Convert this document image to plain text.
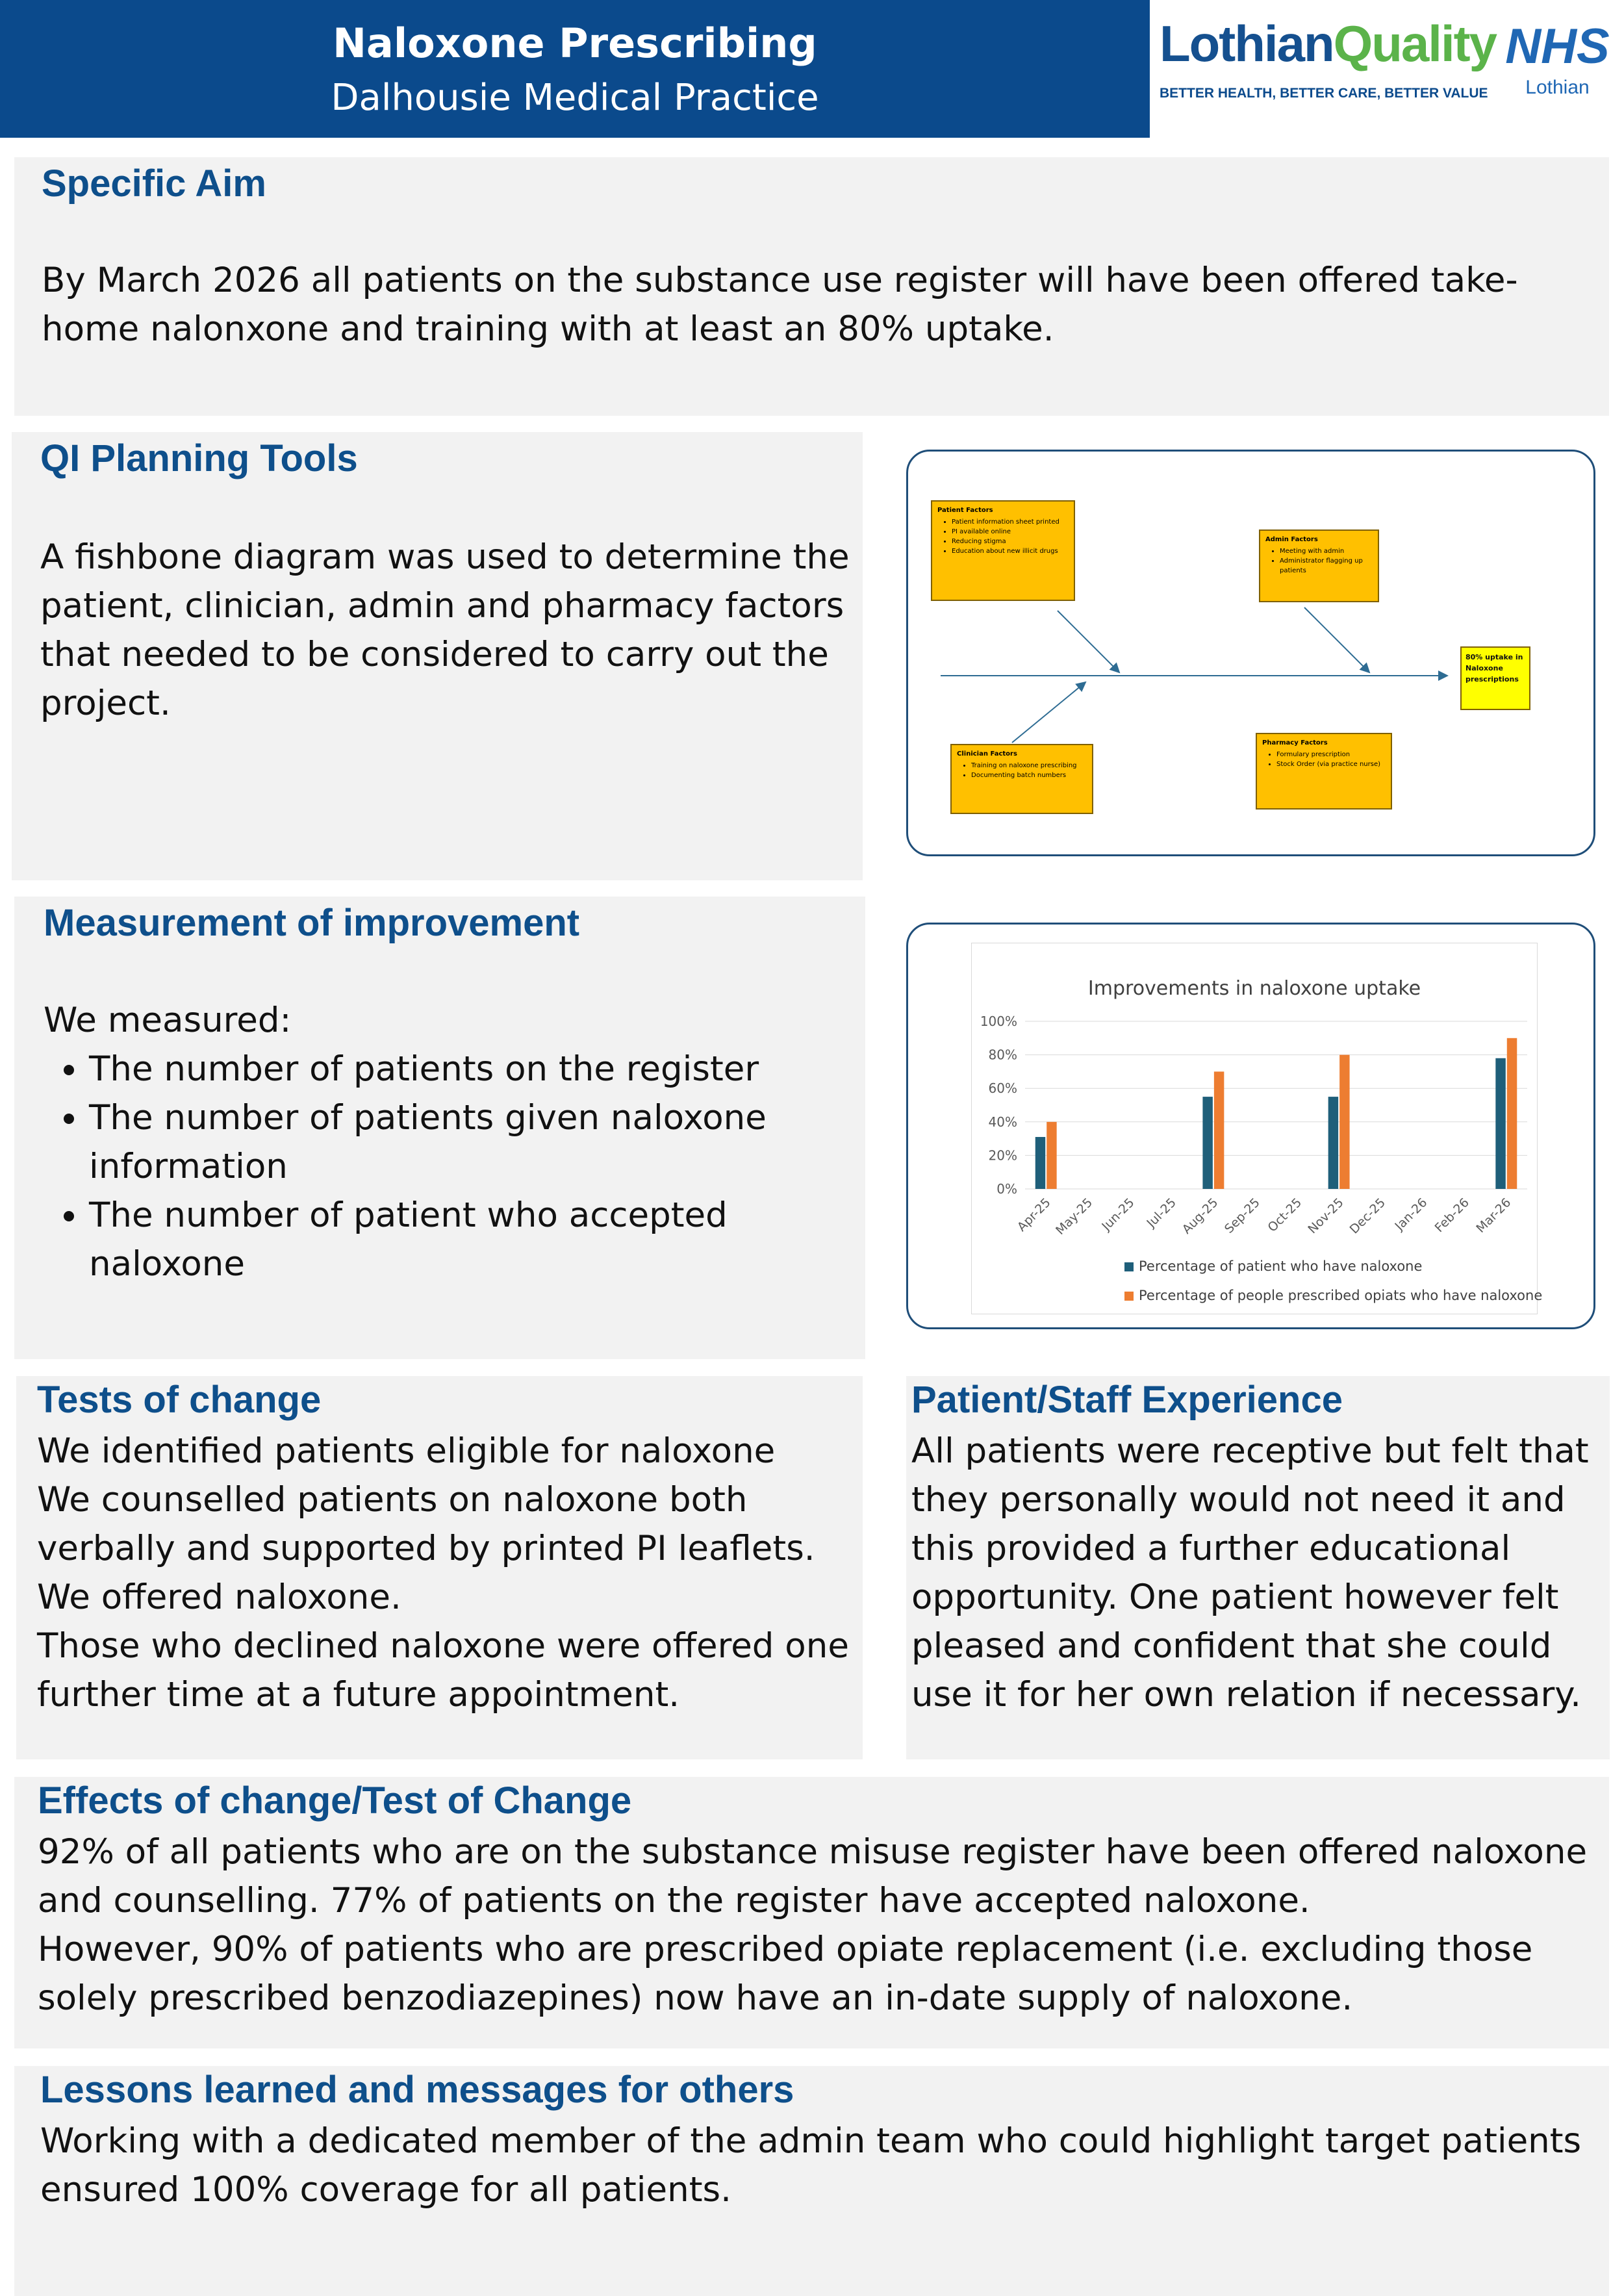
Naloxone Prescribing
Dalhousie Medical Practice
LothianQuality
BETTER HEALTH, BETTER CARE, BETTER VALUE
NHS
Lothian
Specific Aim
By March 2026 all patients on the substance use register will have been offered take-home nalonxone and training with at least an 80% uptake.
QI Planning Tools
A fishbone diagram was used to determine the patient, clinician, admin and pharmacy factors that needed to be considered to carry out the project.
Patient Factors
• Patient information sheet printed
• PI available online
• Reducing stigma
• Education about new illicit drugs
Admin Factors
• Meeting with admin
• Administrator flagging up patients
Clinician Factors
• Training on naloxone prescribing
• Documenting batch numbers
Pharmacy Factors
• Formulary prescription
• Stock Order (via practice nurse)
80% uptake in Naloxone prescriptions
Measurement of improvement
We measured:
• The number of patients on the register
• The number of patients given naloxone information
• The number of patient who accepted naloxone
Improvements in naloxone uptake
0%
20%
40%
60%
80%
100%
Apr-25 May-25 Jun-25 Jul-25 Aug-25 Sep-25 Oct-25 Nov-25 Dec-25 Jan-26 Feb-26 Mar-26
Percentage of patient who have naloxone
Percentage of people prescribed opiats who have naloxone
Tests of change
We identified patients eligible for naloxone
We counselled patients on naloxone both verbally and supported by printed PI leaflets.
We offered naloxone.
Those who declined naloxone were offered one further time at a future appointment.
Patient/Staff Experience
All patients were receptive but felt that they personally would not need it and this provided a further educational opportunity. One patient however felt pleased and confident that she could use it for her own relation if necessary.
Effects of change/Test of Change
92% of all patients who are on the substance misuse register have been offered naloxone and counselling. 77% of patients on the register have accepted naloxone.
However, 90% of patients who are prescribed opiate replacement (i.e. excluding those solely prescribed benzodiazepines) now have an in-date supply of naloxone.
Lessons learned and messages for others
Working with a dedicated member of the admin team who could highlight target patients ensured 100% coverage for all patients.
